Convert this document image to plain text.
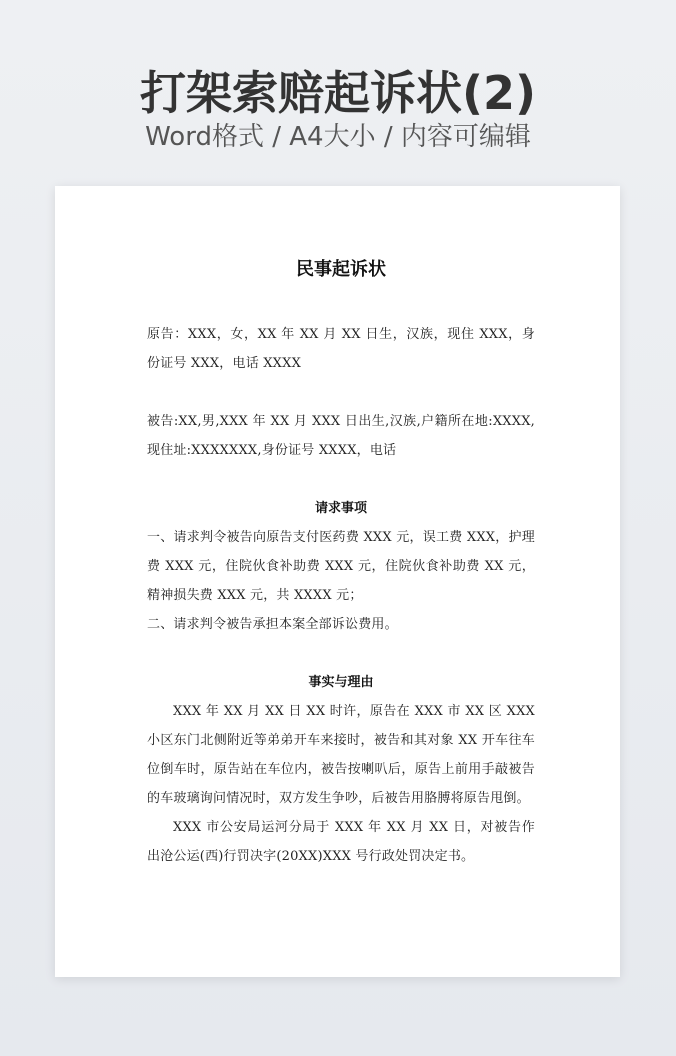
打架索赔起诉状(2)
Word格式 / A4大小 / 内容可编辑
民事起诉状

原告：XXX，女，XX 年 XX 月 XX 日生，汉族，现住 XXX，身份证号 XXX，电话 XXXX

被告:XX,男,XXX 年 XX 月 XXX 日出生,汉族,户籍所在地:XXXX,现住址:XXXXXXX,身份证号 XXXX，电话

请求事项

一、请求判令被告向原告支付医药费 XXX 元，误工费 XXX，护理费 XXX 元，住院伙食补助费 XXX 元，住院伙食补助费 XX 元，精神损失费 XXX 元，共 XXXX 元；

二、请求判令被告承担本案全部诉讼费用。

事实与理由

XXX 年 XX 月 XX 日 XX 时许，原告在 XXX 市 XX 区 XXX 小区东门北侧附近等弟弟开车来接时，被告和其对象 XX 开车往车位倒车时，原告站在车位内，被告按喇叭后，原告上前用手敲被告的车玻璃询问情况时，双方发生争吵，后被告用胳膊将原告甩倒。

XXX 市公安局运河分局于 XXX 年 XX 月 XX 日，对被告作出沧公运(西)行罚决字(20XX)XXX 号行政处罚决定书。
